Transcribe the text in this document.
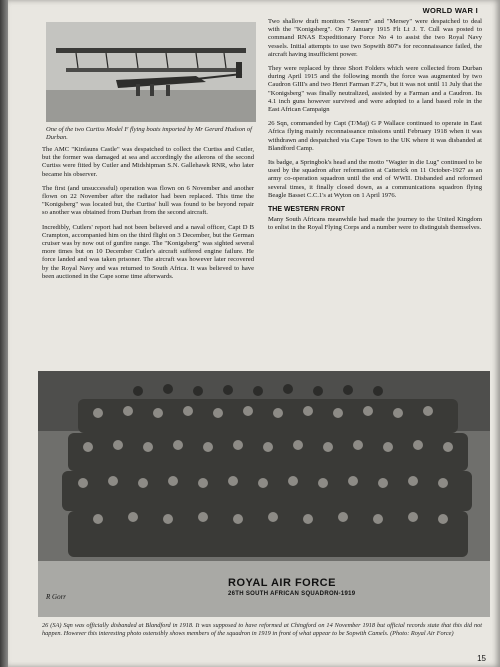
WORLD WAR I
One of the two Curtiss Model F flying boats imported by Mr Gerard Hudson of Durban.

The AMC "Kinfauns Castle" was despatched to collect the Curtiss and Cutler, but the former was damaged at sea and accordingly the ailerons of the second Curtiss were fitted by Cutler and Midshipman S.N. Gallehawk RNR, who later became his observer.

The first (and unsuccessful) operation was flown on 6 November and another flown on 22 November after the radiator had been replaced. This time the "Konigsberg" was located but, the Curtiss' hull was found to be beyond repair so another was obtained from Durban from the second aircraft.

Incredibly, Cutlers' report had not been believed and a naval officer, Capt D B Crampton, accompanied him on the third flight on 3 December, but the German cruiser was by now out of gunfire range. The "Konigsberg" was sighted several more times but on 10 December Cutler's aircraft suffered engine failure. He force landed and was taken prisoner. The aircraft was however later recovered by the Royal Navy and was returned to South Africa. It was believed to have been auctioned in the Cape some time afterwards.

Two shallow draft monitors "Severn" and "Mersey" were despatched to deal with the "Konigsberg". On 7 January 1915 Flt Lt J. T. Cull was posted to command RNAS Expeditionary Force No 4 to assist the two Royal Navy vessels. Initial attempts to use two Sopwith 807's for reconnaissance failed, the aircraft having insufficient power.

They were replaced by three Short Folders which were collected from Durban during April 1915 and the following month the force was augmented by two Caudron GIII's and two Henri Farman F.27's, but it was not until 11 July that the "Konigsberg" was finally neutralized, assisted by a Farman and a Caudron. Its 4.1 inch guns however survived and were adopted to a land based role in the East African Campaign

26 Sqn, commanded by Capt (T/Maj) G P Wallace continued to operate in East Africa flying mainly reconnaissance missions until February 1918 when it was withdrawn and despatched via Cape Town to the UK where it was disbanded at Blandford Camp.

Its badge, a Springbok's head and the motto "Wagter in die Lug" continued to be used by the squadron after reformation at Catterick on 11 October-1927 as an army co-operation squadron until the end of WWII. Disbanded and reformed several times, it finally closed down, as a communications squadron flying Beagle Basset C.C.1's at Wyton on 1 April 1976.

THE WESTERN FRONT

Many South Africans meanwhile had made the journey to the United Kingdom to enlist in the Royal Flying Corps and a number were to distinguish themselves.

ROYAL AIR FORCE
26TH SOUTH AFRICAN SQUADRON-1919
R Gorr
26 (SA) Sqn was officially disbanded at Blandford in 1918. It was supposed to have reformed at Chingford on 14 November 1918 but official records state that this did not happen. However this interesting photo ostensibly shows members of the squadron in 1919 in front of what appear to be Sopwith Camels. (Photo: Royal Air Force)
15
